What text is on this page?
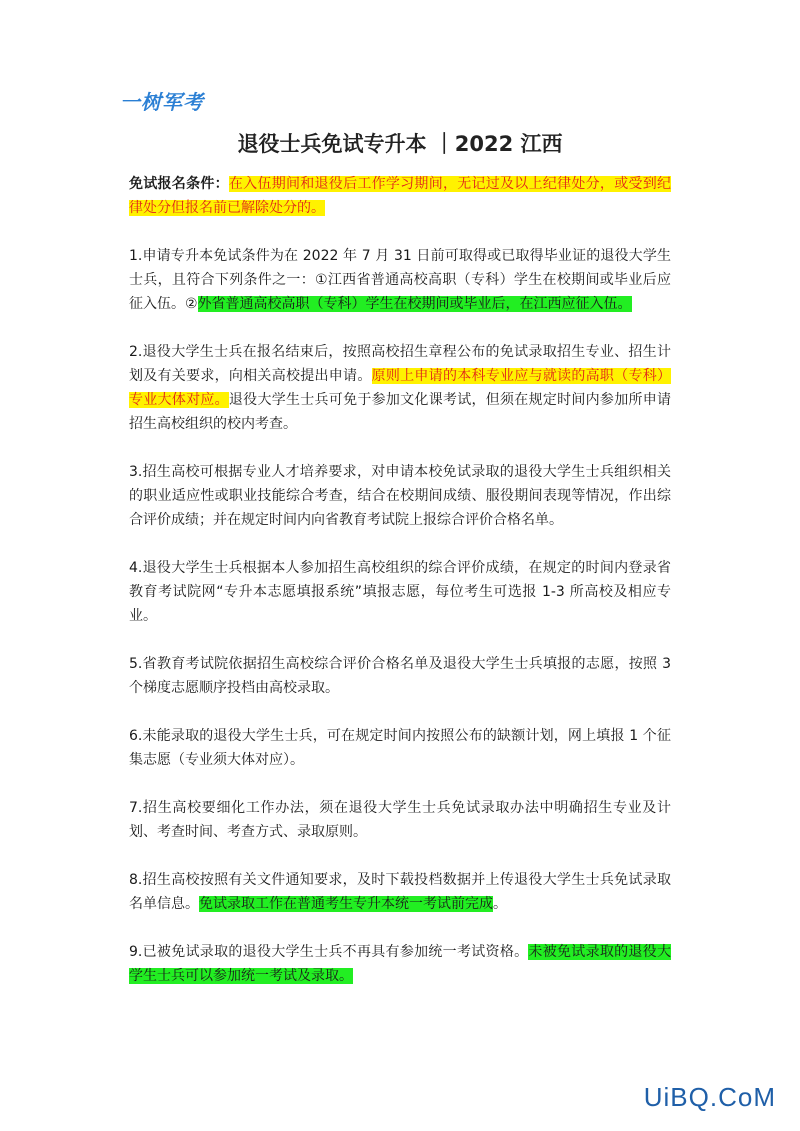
一树军考
退役士兵免试专升本 ｜2022 江西

免试报名条件：在入伍期间和退役后工作学习期间，无记过及以上纪律处分，或受到纪律处分但报名前已解除处分的。

1.申请专升本免试条件为在 2022 年 7 月 31 日前可取得或已取得毕业证的退役大学生士兵，且符合下列条件之一：①江西省普通高校高职（专科）学生在校期间或毕业后应征入伍。②外省普通高校高职（专科）学生在校期间或毕业后，在江西应征入伍。

2.退役大学生士兵在报名结束后，按照高校招生章程公布的免试录取招生专业、招生计划及有关要求，向相关高校提出申请。原则上申请的本科专业应与就读的高职（专科）专业大体对应。退役大学生士兵可免于参加文化课考试，但须在规定时间内参加所申请招生高校组织的校内考查。

3.招生高校可根据专业人才培养要求，对申请本校免试录取的退役大学生士兵组织相关的职业适应性或职业技能综合考查，结合在校期间成绩、服役期间表现等情况，作出综合评价成绩；并在规定时间内向省教育考试院上报综合评价合格名单。

4.退役大学生士兵根据本人参加招生高校组织的综合评价成绩，在规定的时间内登录省教育考试院网“专升本志愿填报系统”填报志愿，每位考生可选报 1-3 所高校及相应专业。

5.省教育考试院依据招生高校综合评价合格名单及退役大学生士兵填报的志愿，按照 3 个梯度志愿顺序投档由高校录取。

6.未能录取的退役大学生士兵，可在规定时间内按照公布的缺额计划，网上填报 1 个征集志愿（专业须大体对应）。

7.招生高校要细化工作办法，须在退役大学生士兵免试录取办法中明确招生专业及计划、考查时间、考查方式、录取原则。

8.招生高校按照有关文件通知要求，及时下载投档数据并上传退役大学生士兵免试录取名单信息。免试录取工作在普通考生专升本统一考试前完成。

9.已被免试录取的退役大学生士兵不再具有参加统一考试资格。未被免试录取的退役大学生士兵可以参加统一考试及录取。

UiBQ.CoM
